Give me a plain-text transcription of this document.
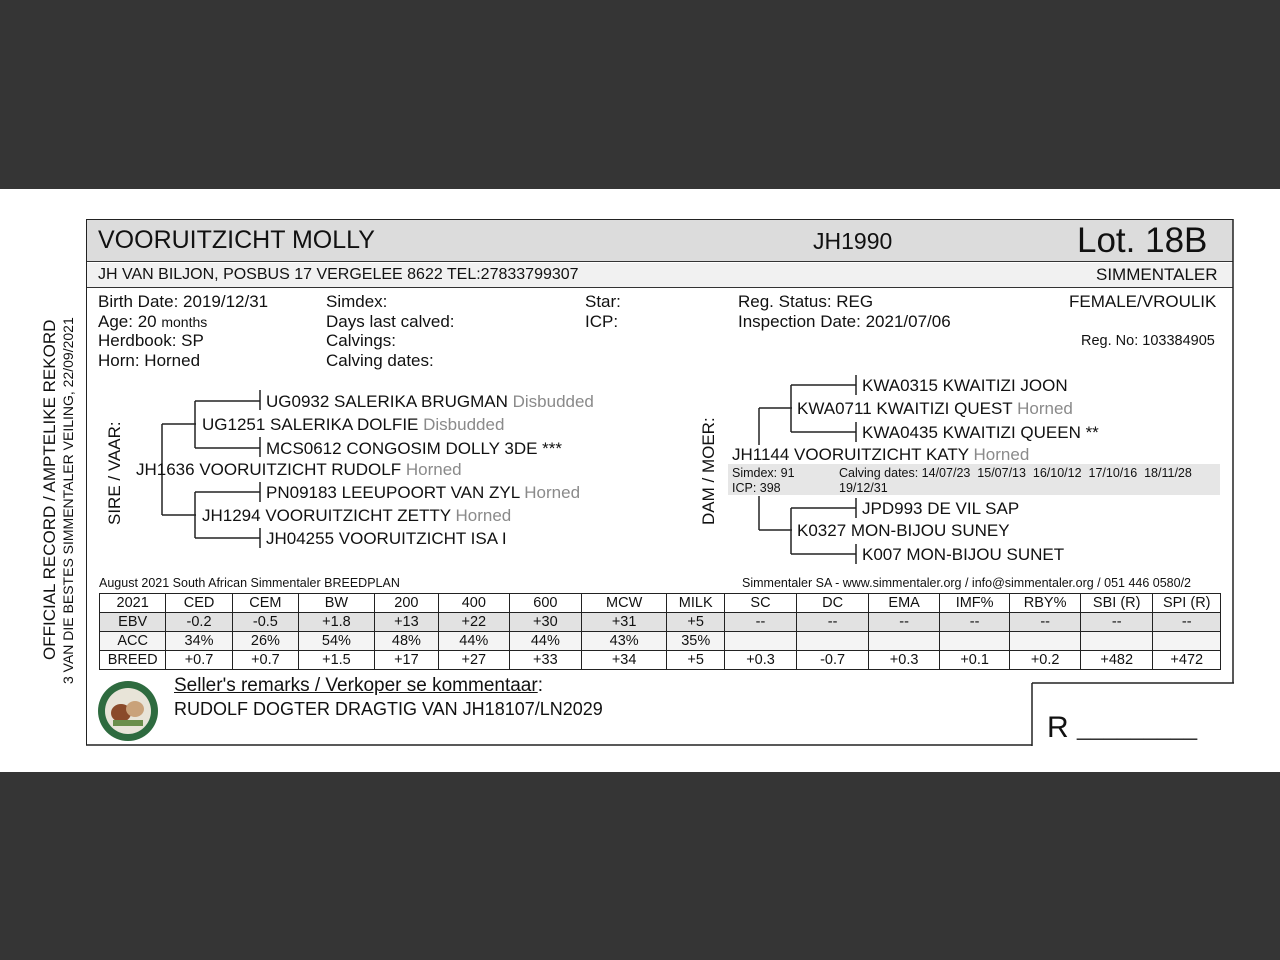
OFFICIAL RECORD / AMPTELIKE REKORD 3 VAN DIE BESTES SIMMENTALER VEILING, 22/09/2021
VOORUITZICHT MOLLY	JH1990	Lot. 18B
JH VAN BILJON, POSBUS 17 VERGELEE 8622 TEL:27833799307	SIMMENTALER
Birth Date: 2019/12/31
Age: 20 months
Herdbook: SP
Horn: Horned
Simdex:
Days last calved:
Calvings:
Calving dates:
Star:
ICP:
Reg. Status: REG
Inspection Date: 2021/07/06
FEMALE/VROULIK
Reg. No: 103384905
SIRE / VAAR: JH1636 VOORUITZICHT RUDOLF Horned
UG1251 SALERIKA DOLFIE Disbudded
UG0932 SALERIKA BRUGMAN Disbudded
MCS0612 CONGOSIM DOLLY 3DE ***
JH1294 VOORUITZICHT ZETTY Horned
PN09183 LEEUPOORT VAN ZYL Horned
JH04255 VOORUITZICHT ISA I
DAM / MOER: JH1144 VOORUITZICHT KATY Horned
Simdex: 91
ICP: 398
Calving dates: 14/07/23  15/07/13  16/10/12  17/10/16  18/11/28
19/12/31
KWA0711 KWAITIZI QUEST Horned
KWA0315 KWAITIZI JOON
KWA0435 KWAITIZI QUEEN **
K0327 MON-BIJOU SUNEY
JPD993 DE VIL SAP
K007 MON-BIJOU SUNET
August 2021 South African Simmentaler BREEDPLAN	Simmentaler SA - www.simmentaler.org / info@simmentaler.org / 051 446 0580/2
2021	CED	CEM	BW	200	400	600	MCW	MILK	SC	DC	EMA	IMF%	RBY%	SBI (R)	SPI (R)
EBV	-0.2	-0.5	+1.8	+13	+22	+30	+31	+5	--	--	--	--	--	--	--
ACC	34%	26%	54%	48%	44%	44%	43%	35%							
BREED	+0.7	+0.7	+1.5	+17	+27	+33	+34	+5	+0.3	-0.7	+0.3	+0.1	+0.2	+482	+472
Seller's remarks / Verkoper se kommentaar:
RUDOLF DOGTER DRAGTIG VAN JH18107/LN2029
R _________
